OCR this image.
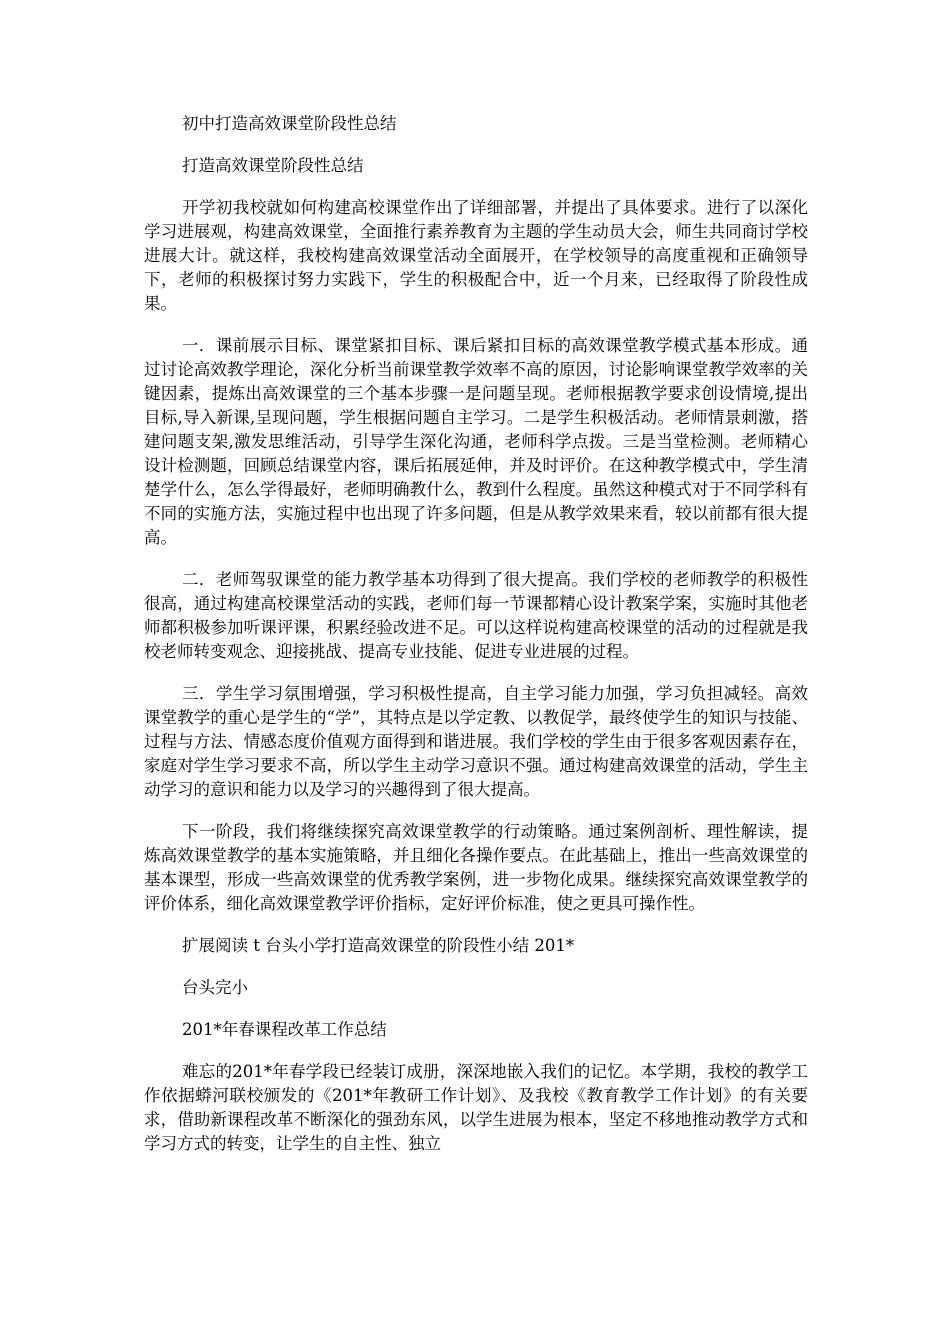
初中打造高效课堂阶段性总结

打造高效课堂阶段性总结

开学初我校就如何构建高校课堂作出了详细部署，并提出了具体要求。进行了以深化学习进展观，构建高效课堂，全面推行素养教育为主题的学生动员大会，师生共同商讨学校进展大计。就这样，我校构建高效课堂活动全面展开，在学校领导的高度重视和正确领导下，老师的积极探讨努力实践下，学生的积极配合中，近一个月来，已经取得了阶段性成果。

一．课前展示目标、课堂紧扣目标、课后紧扣目标的高效课堂教学模式基本形成。通过讨论高效教学理论，深化分析当前课堂教学效率不高的原因，讨论影响课堂教学效率的关键因素，提炼出高效课堂的三个基本步骤一是问题呈现。老师根据教学要求创设情境,提出目标,导入新课,呈现问题，学生根据问题自主学习。二是学生积极活动。老师情景刺激，搭建问题支架,激发思维活动，引导学生深化沟通，老师科学点拨。三是当堂检测。老师精心设计检测题，回顾总结课堂内容，课后拓展延伸，并及时评价。在这种教学模式中，学生清楚学什么，怎么学得最好，老师明确教什么，教到什么程度。虽然这种模式对于不同学科有不同的实施方法，实施过程中也出现了许多问题，但是从教学效果来看，较以前都有很大提高。

二．老师驾驭课堂的能力教学基本功得到了很大提高。我们学校的老师教学的积极性很高，通过构建高校课堂活动的实践，老师们每一节课都精心设计教案学案，实施时其他老师都积极参加听课评课，积累经验改进不足。可以这样说构建高校课堂的活动的过程就是我校老师转变观念、迎接挑战、提高专业技能、促进专业进展的过程。

三．学生学习氛围增强，学习积极性提高，自主学习能力加强，学习负担减轻。高效课堂教学的重心是学生的“学”，其特点是以学定教、以教促学，最终使学生的知识与技能、过程与方法、情感态度价值观方面得到和谐进展。我们学校的学生由于很多客观因素存在，家庭对学生学习要求不高，所以学生主动学习意识不强。通过构建高效课堂的活动，学生主动学习的意识和能力以及学习的兴趣得到了很大提高。

下一阶段，我们将继续探究高效课堂教学的行动策略。通过案例剖析、理性解读，提炼高效课堂教学的基本实施策略，并且细化各操作要点。在此基础上，推出一些高效课堂的基本课型，形成一些高效课堂的优秀教学案例，进一步物化成果。继续探究高效课堂教学的评价体系，细化高效课堂教学评价指标，定好评价标准，使之更具可操作性。

扩展阅读 t 台头小学打造高效课堂的阶段性小结 201*

台头完小

201*年春课程改革工作总结

难忘的201*年春学段已经装订成册，深深地嵌入我们的记忆。本学期，我校的教学工作依据蟒河联校颁发的《201*年教研工作计划》、及我校《教育教学工作计划》的有关要求，借助新课程改革不断深化的强劲东风，以学生进展为根本，坚定不移地推动教学方式和学习方式的转变，让学生的自主性、独立
